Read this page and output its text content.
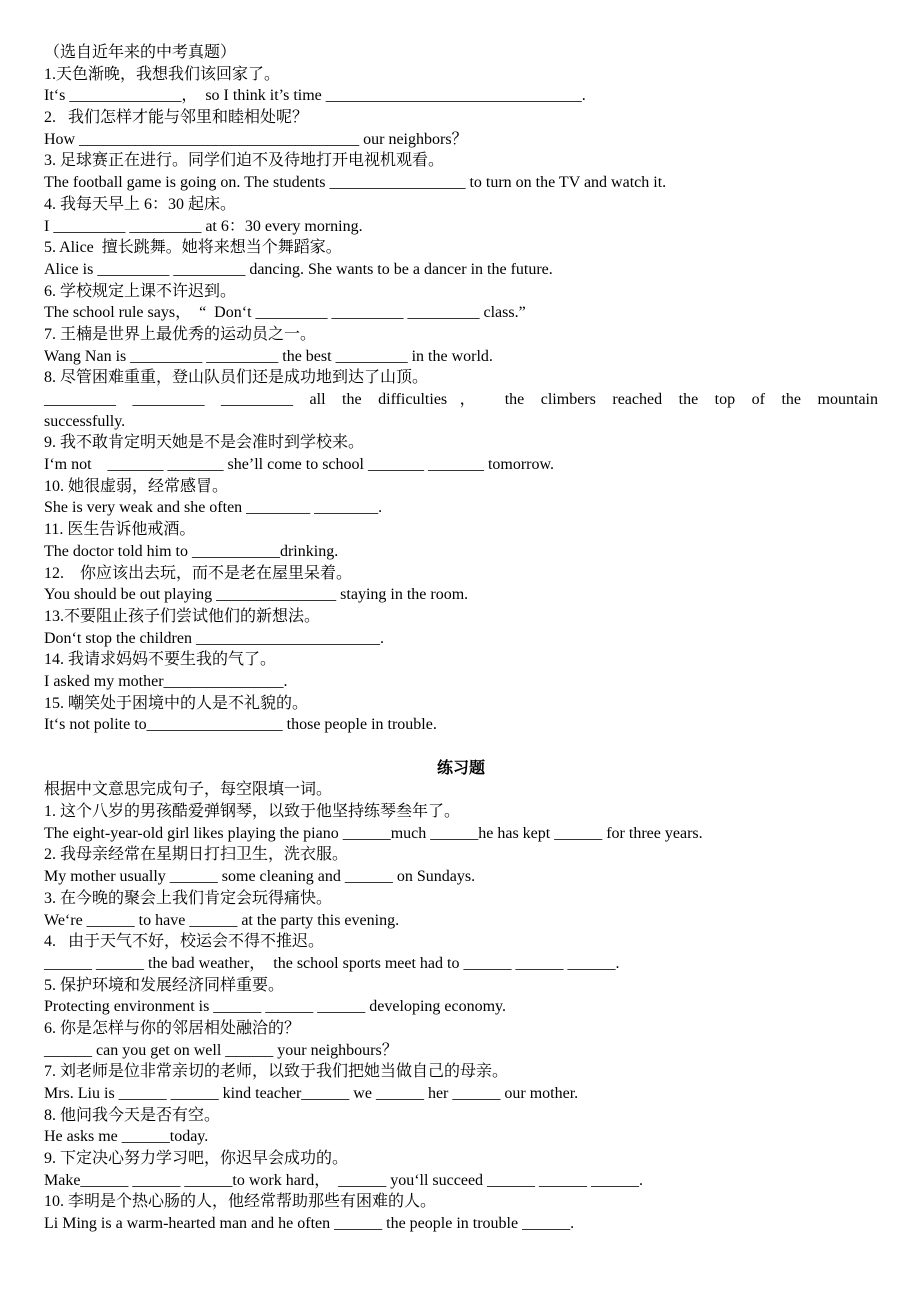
（选自近年来的中考真题）
1.天色渐晚，我想我们该回家了。
It‘s ______________，  so I think it’s time ________________________________.
2.   我们怎样才能与邻里和睦相处呢？
How ___________________________________ our neighbors？
3. 足球赛正在进行。同学们迫不及待地打开电视机观看。
The football game is going on. The students _________________ to turn on the TV and watch it.
4. 我每天早上 6：30 起床。
I _________ _________ at 6：30 every morning.
5. Alice  擅长跳舞。她将来想当个舞蹈家。
Alice is _________ _________ dancing. She wants to be a dancer in the future.
6. 学校规定上课不许迟到。
The school rule says，  “  Don‘t _________ _________ _________ class.”
7. 王楠是世界上最优秀的运动员之一。
Wang Nan is _________ _________ the best _________ in the world.
8. 尽管困难重重，登山队员们还是成功地到达了山顶。
_________ _________ _________ all the difficulties， the climbers reached the top of the mountain
successfully.
9. 我不敢肯定明天她是不是会准时到学校来。
I‘m not    _______ _______ she’ll come to school _______ _______ tomorrow.
10. 她很虚弱，经常感冒。
She is very weak and she often ________ ________.
11. 医生告诉他戒酒。
The doctor told him to ___________drinking.
12.    你应该出去玩，而不是老在屋里呆着。
You should be out playing _______________ staying in the room.
13.不要阻止孩子们尝试他们的新想法。
Don‘t stop the children _______________________.
14. 我请求妈妈不要生我的气了。
I asked my mother_______________.
15. 嘲笑处于困境中的人是不礼貌的。
It‘s not polite to_________________ those people in trouble.
练习题
根据中文意思完成句子，每空限填一词。
1. 这个八岁的男孩酷爱弹钢琴，以致于他坚持练琴叁年了。
The eight-year-old girl likes playing the piano ______much ______he has kept ______ for three years.
2. 我母亲经常在星期日打扫卫生，洗衣服。
My mother usually ______ some cleaning and ______ on Sundays.
3. 在今晚的聚会上我们肯定会玩得痛快。
We‘re ______ to have ______ at the party this evening.
4.   由于天气不好，校运会不得不推迟。
______ ______ the bad weather，  the school sports meet had to ______ ______ ______.
5. 保护环境和发展经济同样重要。
Protecting environment is ______ ______ ______ developing economy.
6. 你是怎样与你的邻居相处融洽的？
______ can you get on well ______ your neighbours？
7. 刘老师是位非常亲切的老师，以致于我们把她当做自己的母亲。
Mrs. Liu is ______ ______ kind teacher______ we ______ her ______ our mother.
8. 他问我今天是否有空。
He asks me ______today.
9. 下定决心努力学习吧，你迟早会成功的。
Make______ ______ ______to work hard，  ______ you‘ll succeed ______ ______ ______.
10. 李明是个热心肠的人，他经常帮助那些有困难的人。
Li Ming is a warm-hearted man and he often ______ the people in trouble ______.
